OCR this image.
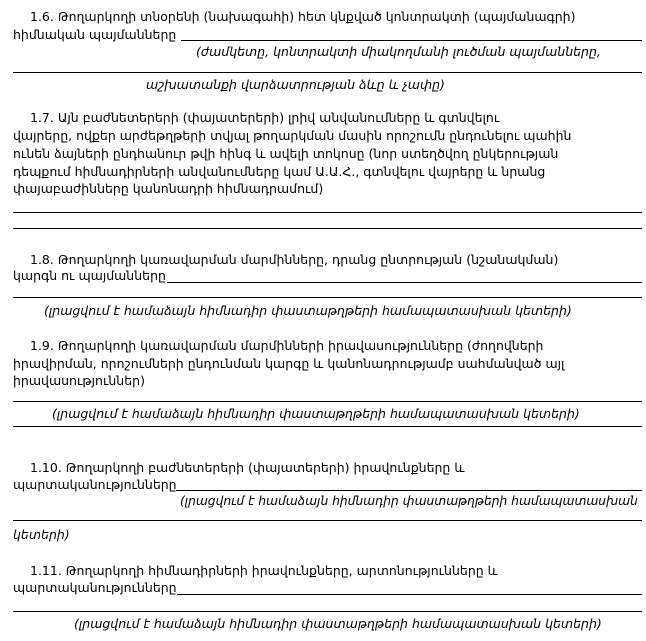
1.6. Թողարկողի տնօրենի (նախագահի) հետ կնքված կոնտրակտի (պայմանագրի)
հիմնական պայմանները
(ժամկետը, կոնտրակտի միակողմանի լուծման պայմանները,
աշխատանքի վարձատրության ձևը և չափը)
1.7. Այն բաժնետերերի (փայատերերի) լրիվ անվանումները և գտնվելու
վայրերը, ովքեր արժեթղթերի տվյալ թողարկման մասին որոշումն ընդունելու պահին
ունեն ձայների ընդհանուր թվի հինգ և ավելի տոկոսը (նոր ստեղծվող ընկերության
դեպքում հիմնադիրների անվանումները կամ Ա.Ա.Հ., գտնվելու վայրերը և նրանց
փայաբաժինները կանոնադրի հիմնադրամում)
1.8. Թողարկողի կառավարման մարմինները, դրանց ընտրության (նշանակման)
կարգն ու պայմանները
(լրացվում է համաձայն հիմնադիր փաստաթղթերի համապատասխան կետերի)
1.9. Թողարկողի կառավարման մարմինների իրավասությունները (ժողովների
իրավիրման, որոշումների ընդունման կարգը և կանոնադրությամբ սահմանված այլ
իրավասություններ)
(լրացվում է համաձայն հիմնադիր փաստաթղթերի համապատասխան կետերի)
1.10. Թողարկողի բաժնետերերի (փայատերերի) իրավունքները և
պարտականությունները
(լրացվում է համաձայն հիմնադիր փաստաթղթերի համապատասխան
կետերի)
1.11. Թողարկողի հիմնադիրների իրավունքները, արտոնությունները և
պարտականությունները
(լրացվում է համաձայն հիմնադիր փաստաթղթերի համապատասխան կետերի)
